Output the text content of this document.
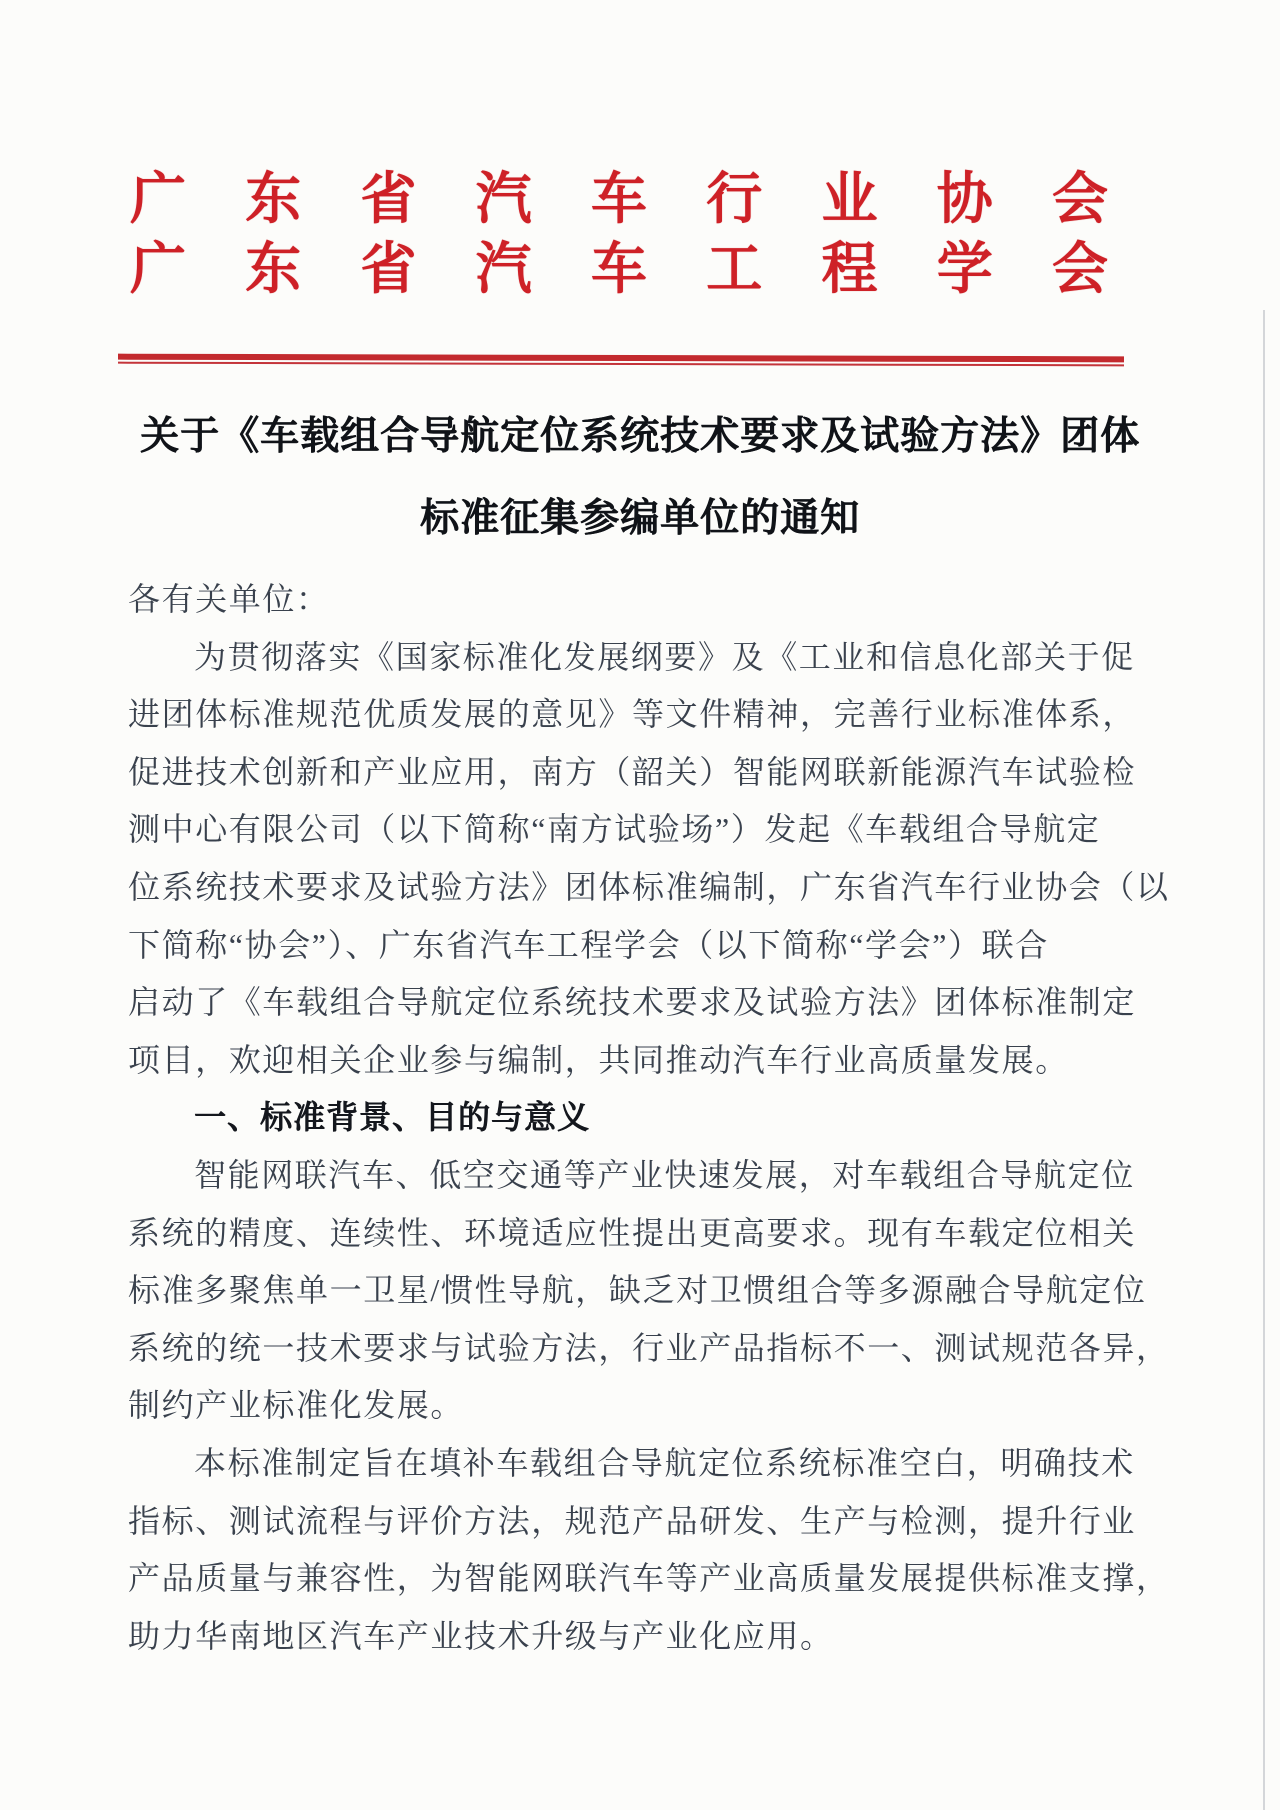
广 东 省 汽 车 行 业 协 会
广 东 省 汽 车 工 程 学 会
关于《车载组合导航定位系统技术要求及试验方法》团体
标准征集参编单位的通知
各有关单位：
为贯彻落实《国家标准化发展纲要》及《工业和信息化部关于促
进团体标准规范优质发展的意见》等文件精神，完善行业标准体系，
促进技术创新和产业应用，南方（韶关）智能网联新能源汽车试验检
测中心有限公司（以下简称“南方试验场”）发起《车载组合导航定
位系统技术要求及试验方法》团体标准编制，广东省汽车行业协会（以
下简称“协会”）、广东省汽车工程学会（以下简称“学会”）联合
启动了《车载组合导航定位系统技术要求及试验方法》团体标准制定
项目，欢迎相关企业参与编制，共同推动汽车行业高质量发展。
一、标准背景、目的与意义
智能网联汽车、低空交通等产业快速发展，对车载组合导航定位
系统的精度、连续性、环境适应性提出更高要求。现有车载定位相关
标准多聚焦单一卫星/惯性导航，缺乏对卫惯组合等多源融合导航定位
系统的统一技术要求与试验方法，行业产品指标不一、测试规范各异，
制约产业标准化发展。
本标准制定旨在填补车载组合导航定位系统标准空白，明确技术
指标、测试流程与评价方法，规范产品研发、生产与检测，提升行业
产品质量与兼容性，为智能网联汽车等产业高质量发展提供标准支撑，
助力华南地区汽车产业技术升级与产业化应用。
